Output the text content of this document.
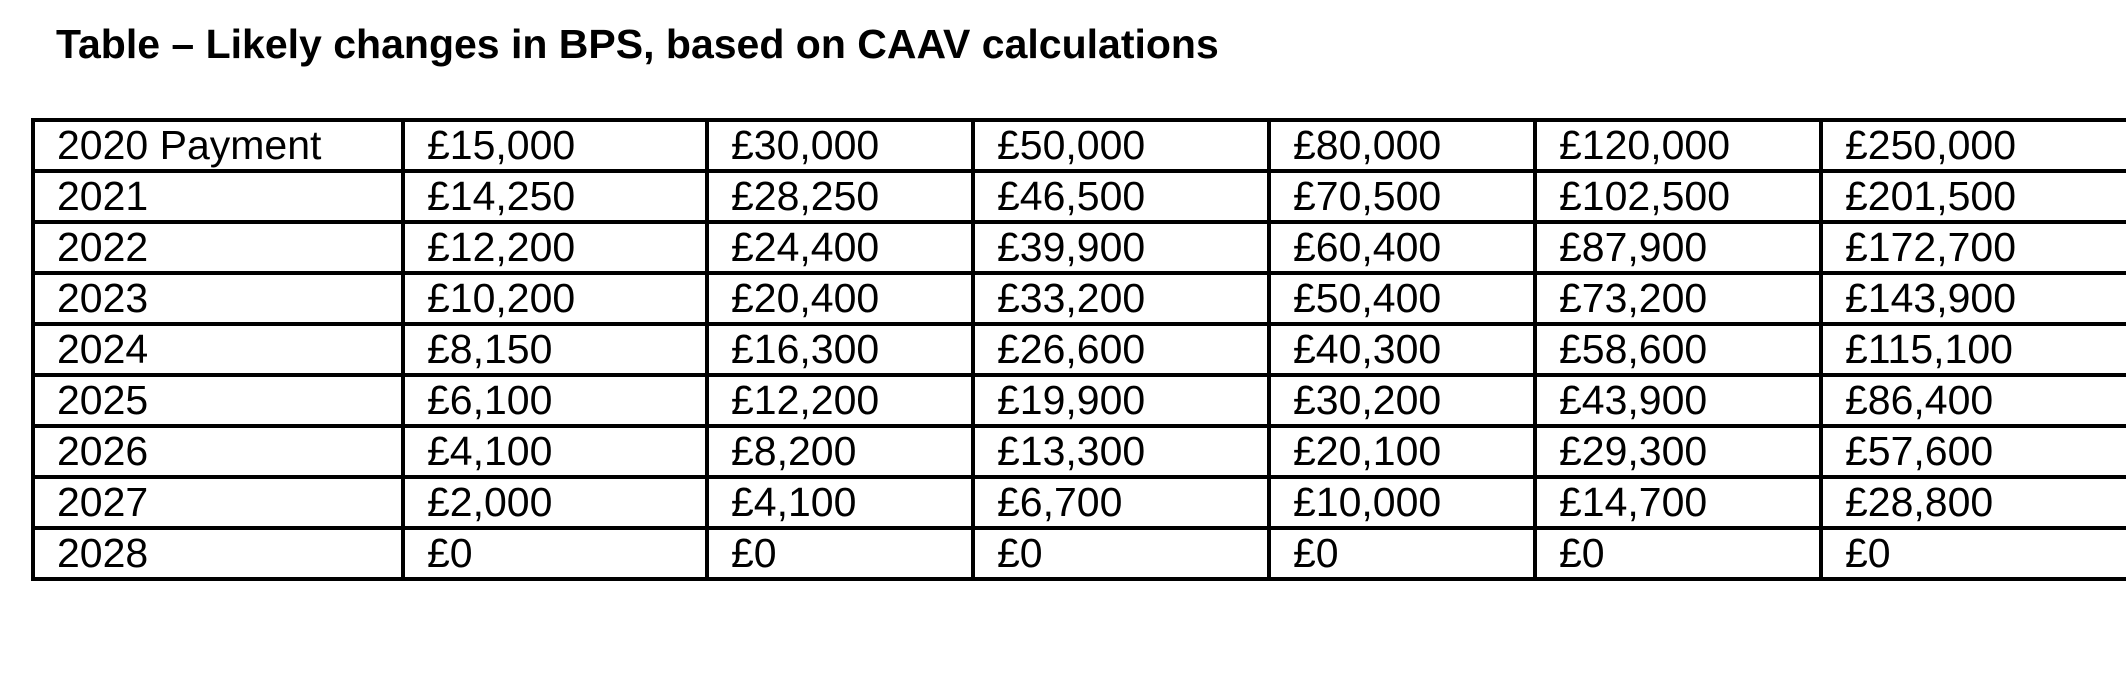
Table – Likely changes in BPS, based on CAAV calculations
2020 Payment	£15,000	£30,000	£50,000	£80,000	£120,000	£250,000
2021	£14,250	£28,250	£46,500	£70,500	£102,500	£201,500
2022	£12,200	£24,400	£39,900	£60,400	£87,900	£172,700
2023	£10,200	£20,400	£33,200	£50,400	£73,200	£143,900
2024	£8,150	£16,300	£26,600	£40,300	£58,600	£115,100
2025	£6,100	£12,200	£19,900	£30,200	£43,900	£86,400
2026	£4,100	£8,200	£13,300	£20,100	£29,300	£57,600
2027	£2,000	£4,100	£6,700	£10,000	£14,700	£28,800
2028	£0	£0	£0	£0	£0	£0
